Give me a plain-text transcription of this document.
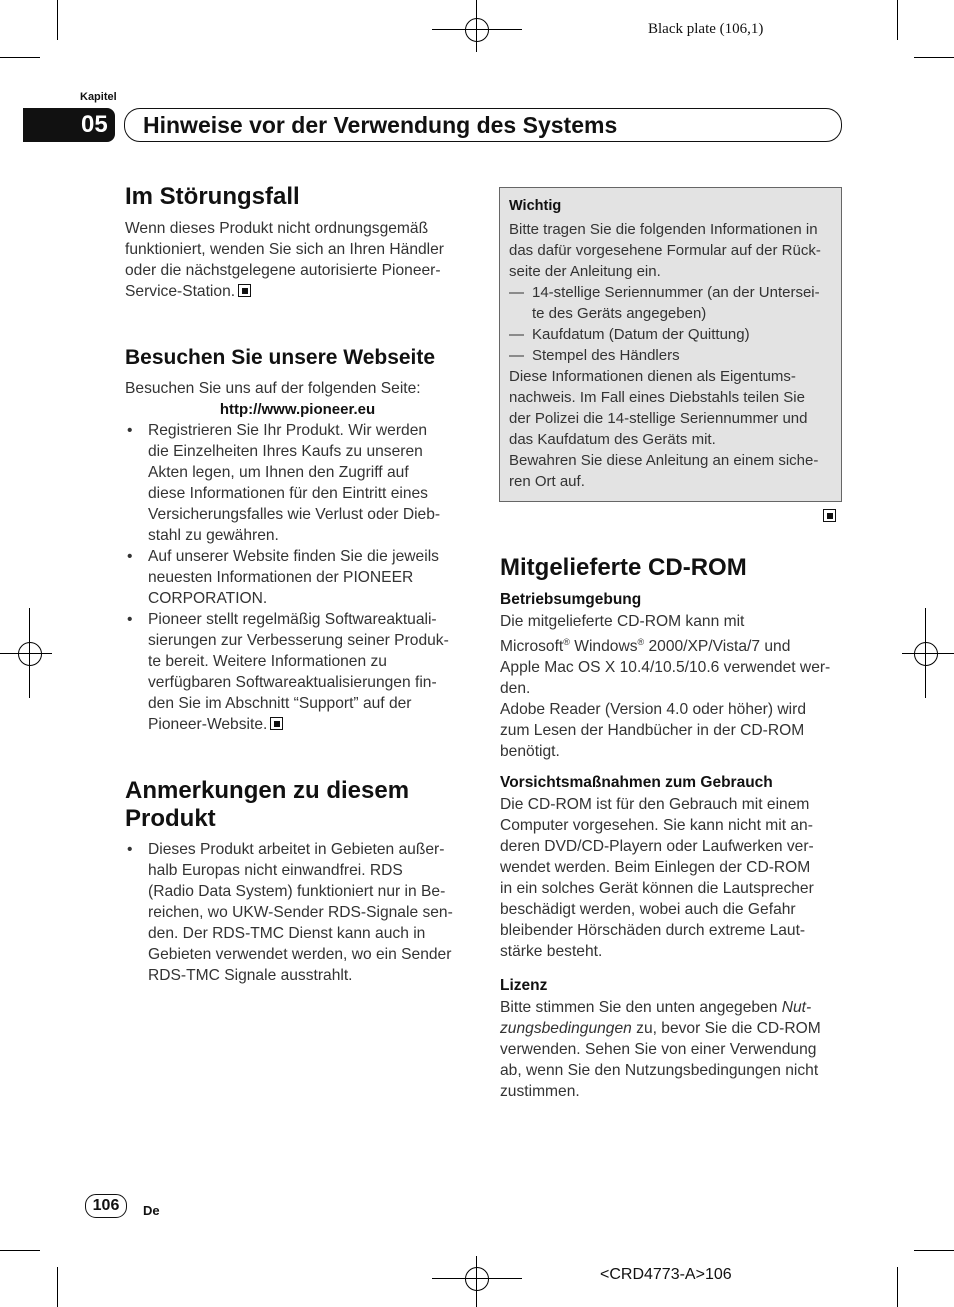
Black plate (106,1)
Kapitel
05	Hinweise vor der Verwendung des Systems
Im Störungsfall
Wenn dieses Produkt nicht ordnungsgemäß
funktioniert, wenden Sie sich an Ihren Händler
oder die nächstgelegene autorisierte Pioneer-
Service-Station.
Besuchen Sie unsere Webseite
Besuchen Sie uns auf der folgenden Seite:
http://www.pioneer.eu
• Registrieren Sie Ihr Produkt. Wir werden
die Einzelheiten Ihres Kaufs zu unseren
Akten legen, um Ihnen den Zugriff auf
diese Informationen für den Eintritt eines
Versicherungsfalles wie Verlust oder Dieb-
stahl zu gewähren.
• Auf unserer Website finden Sie die jeweils
neuesten Informationen der PIONEER
CORPORATION.
• Pioneer stellt regelmäßig Softwareaktuali-
sierungen zur Verbesserung seiner Produk-
te bereit. Weitere Informationen zu
verfügbaren Softwareaktualisierungen fin-
den Sie im Abschnitt “Support” auf der
Pioneer-Website.
Anmerkungen zu diesem
Produkt
• Dieses Produkt arbeitet in Gebieten außer-
halb Europas nicht einwandfrei. RDS
(Radio Data System) funktioniert nur in Be-
reichen, wo UKW-Sender RDS-Signale sen-
den. Der RDS-TMC Dienst kann auch in
Gebieten verwendet werden, wo ein Sender
RDS-TMC Signale ausstrahlt.
Wichtig
Bitte tragen Sie die folgenden Informationen in
das dafür vorgesehene Formular auf der Rück-
seite der Anleitung ein.
— 14-stellige Seriennummer (an der Untersei-
te des Geräts angegeben)
— Kaufdatum (Datum der Quittung)
— Stempel des Händlers
Diese Informationen dienen als Eigentums-
nachweis. Im Fall eines Diebstahls teilen Sie
der Polizei die 14-stellige Seriennummer und
das Kaufdatum des Geräts mit.
Bewahren Sie diese Anleitung an einem siche-
ren Ort auf.
Mitgelieferte CD-ROM
Betriebsumgebung
Die mitgelieferte CD-ROM kann mit
Microsoft® Windows® 2000/XP/Vista/7 und
Apple Mac OS X 10.4/10.5/10.6 verwendet wer-
den.
Adobe Reader (Version 4.0 oder höher) wird
zum Lesen der Handbücher in der CD-ROM
benötigt.
Vorsichtsmaßnahmen zum Gebrauch
Die CD-ROM ist für den Gebrauch mit einem
Computer vorgesehen. Sie kann nicht mit an-
deren DVD/CD-Playern oder Laufwerken ver-
wendet werden. Beim Einlegen der CD-ROM
in ein solches Gerät können die Lautsprecher
beschädigt werden, wobei auch die Gefahr
bleibender Hörschäden durch extreme Laut-
stärke besteht.
Lizenz
Bitte stimmen Sie den unten angegeben Nut-
zungsbedingungen zu, bevor Sie die CD-ROM
verwenden. Sehen Sie von einer Verwendung
ab, wenn Sie den Nutzungsbedingungen nicht
zustimmen.
106	De
<CRD4773-A>106
